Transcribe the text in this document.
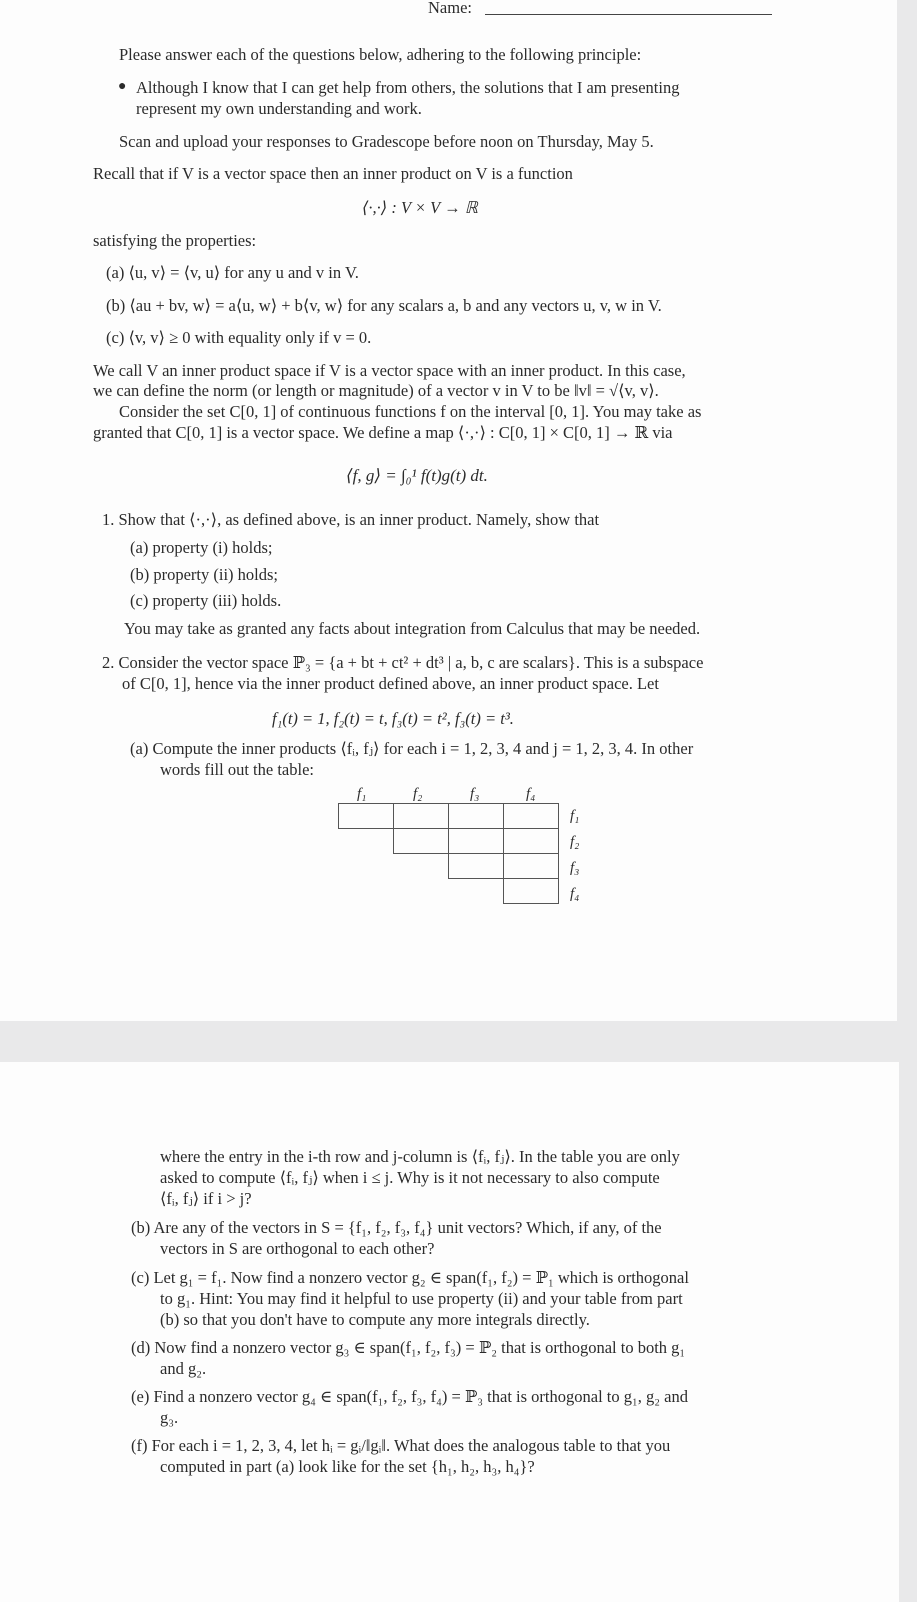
Name:
Please answer each of the questions below, adhering to the following principle:
● Although I know that I can get help from others, the solutions that I am presenting
represent my own understanding and work.
Scan and upload your responses to Gradescope before noon on Thursday, May 5.
Recall that if V is a vector space then an inner product on V is a function
⟨·,·⟩ : V × V → ℝ
satisfying the properties:
(a) ⟨u, v⟩ = ⟨v, u⟩ for any u and v in V.
(b) ⟨au + bv, w⟩ = a⟨u, w⟩ + b⟨v, w⟩ for any scalars a, b and any vectors u, v, w in V.
(c) ⟨v, v⟩ ≥ 0 with equality only if v = 0.
We call V an inner product space if V is a vector space with an inner product. In this case,
we can define the norm (or length or magnitude) of a vector v in V to be ‖v‖ = √⟨v, v⟩.
Consider the set C[0, 1] of continuous functions f on the interval [0, 1]. You may take as
granted that C[0, 1] is a vector space. We define a map ⟨·,·⟩ : C[0, 1] × C[0, 1] → ℝ via
⟨f, g⟩ = ∫₀¹ f(t)g(t) dt.
1. Show that ⟨·,·⟩, as defined above, is an inner product. Namely, show that
(a) property (i) holds;
(b) property (ii) holds;
(c) property (iii) holds.
You may take as granted any facts about integration from Calculus that may be needed.
2. Consider the vector space ℙ₃ = {a + bt + ct² + dt³ | a, b, c are scalars}. This is a subspace
of C[0, 1], hence via the inner product defined above, an inner product space. Let
f₁(t) = 1, f₂(t) = t, f₃(t) = t², f₃(t) = t³.
(a) Compute the inner products ⟨fᵢ, fⱼ⟩ for each i = 1, 2, 3, 4 and j = 1, 2, 3, 4. In other
words fill out the table:
f₁	f₂	f₃	f₄

f₁
f₂
f₃
f₄
where the entry in the i-th row and j-column is ⟨fᵢ, fⱼ⟩. In the table you are only
asked to compute ⟨fᵢ, fⱼ⟩ when i ≤ j. Why is it not necessary to also compute
⟨fᵢ, fⱼ⟩ if i > j?
(b) Are any of the vectors in S = {f₁, f₂, f₃, f₄} unit vectors? Which, if any, of the
vectors in S are orthogonal to each other?
(c) Let g₁ = f₁. Now find a nonzero vector g₂ ∈ span(f₁, f₂) = ℙ₁ which is orthogonal
to g₁. Hint: You may find it helpful to use property (ii) and your table from part
(b) so that you don't have to compute any more integrals directly.
(d) Now find a nonzero vector g₃ ∈ span(f₁, f₂, f₃) = ℙ₂ that is orthogonal to both g₁
and g₂.
(e) Find a nonzero vector g₄ ∈ span(f₁, f₂, f₃, f₄) = ℙ₃ that is orthogonal to g₁, g₂ and
g₃.
(f) For each i = 1, 2, 3, 4, let hᵢ = gᵢ/‖gᵢ‖. What does the analogous table to that you
computed in part (a) look like for the set {h₁, h₂, h₃, h₄}?
